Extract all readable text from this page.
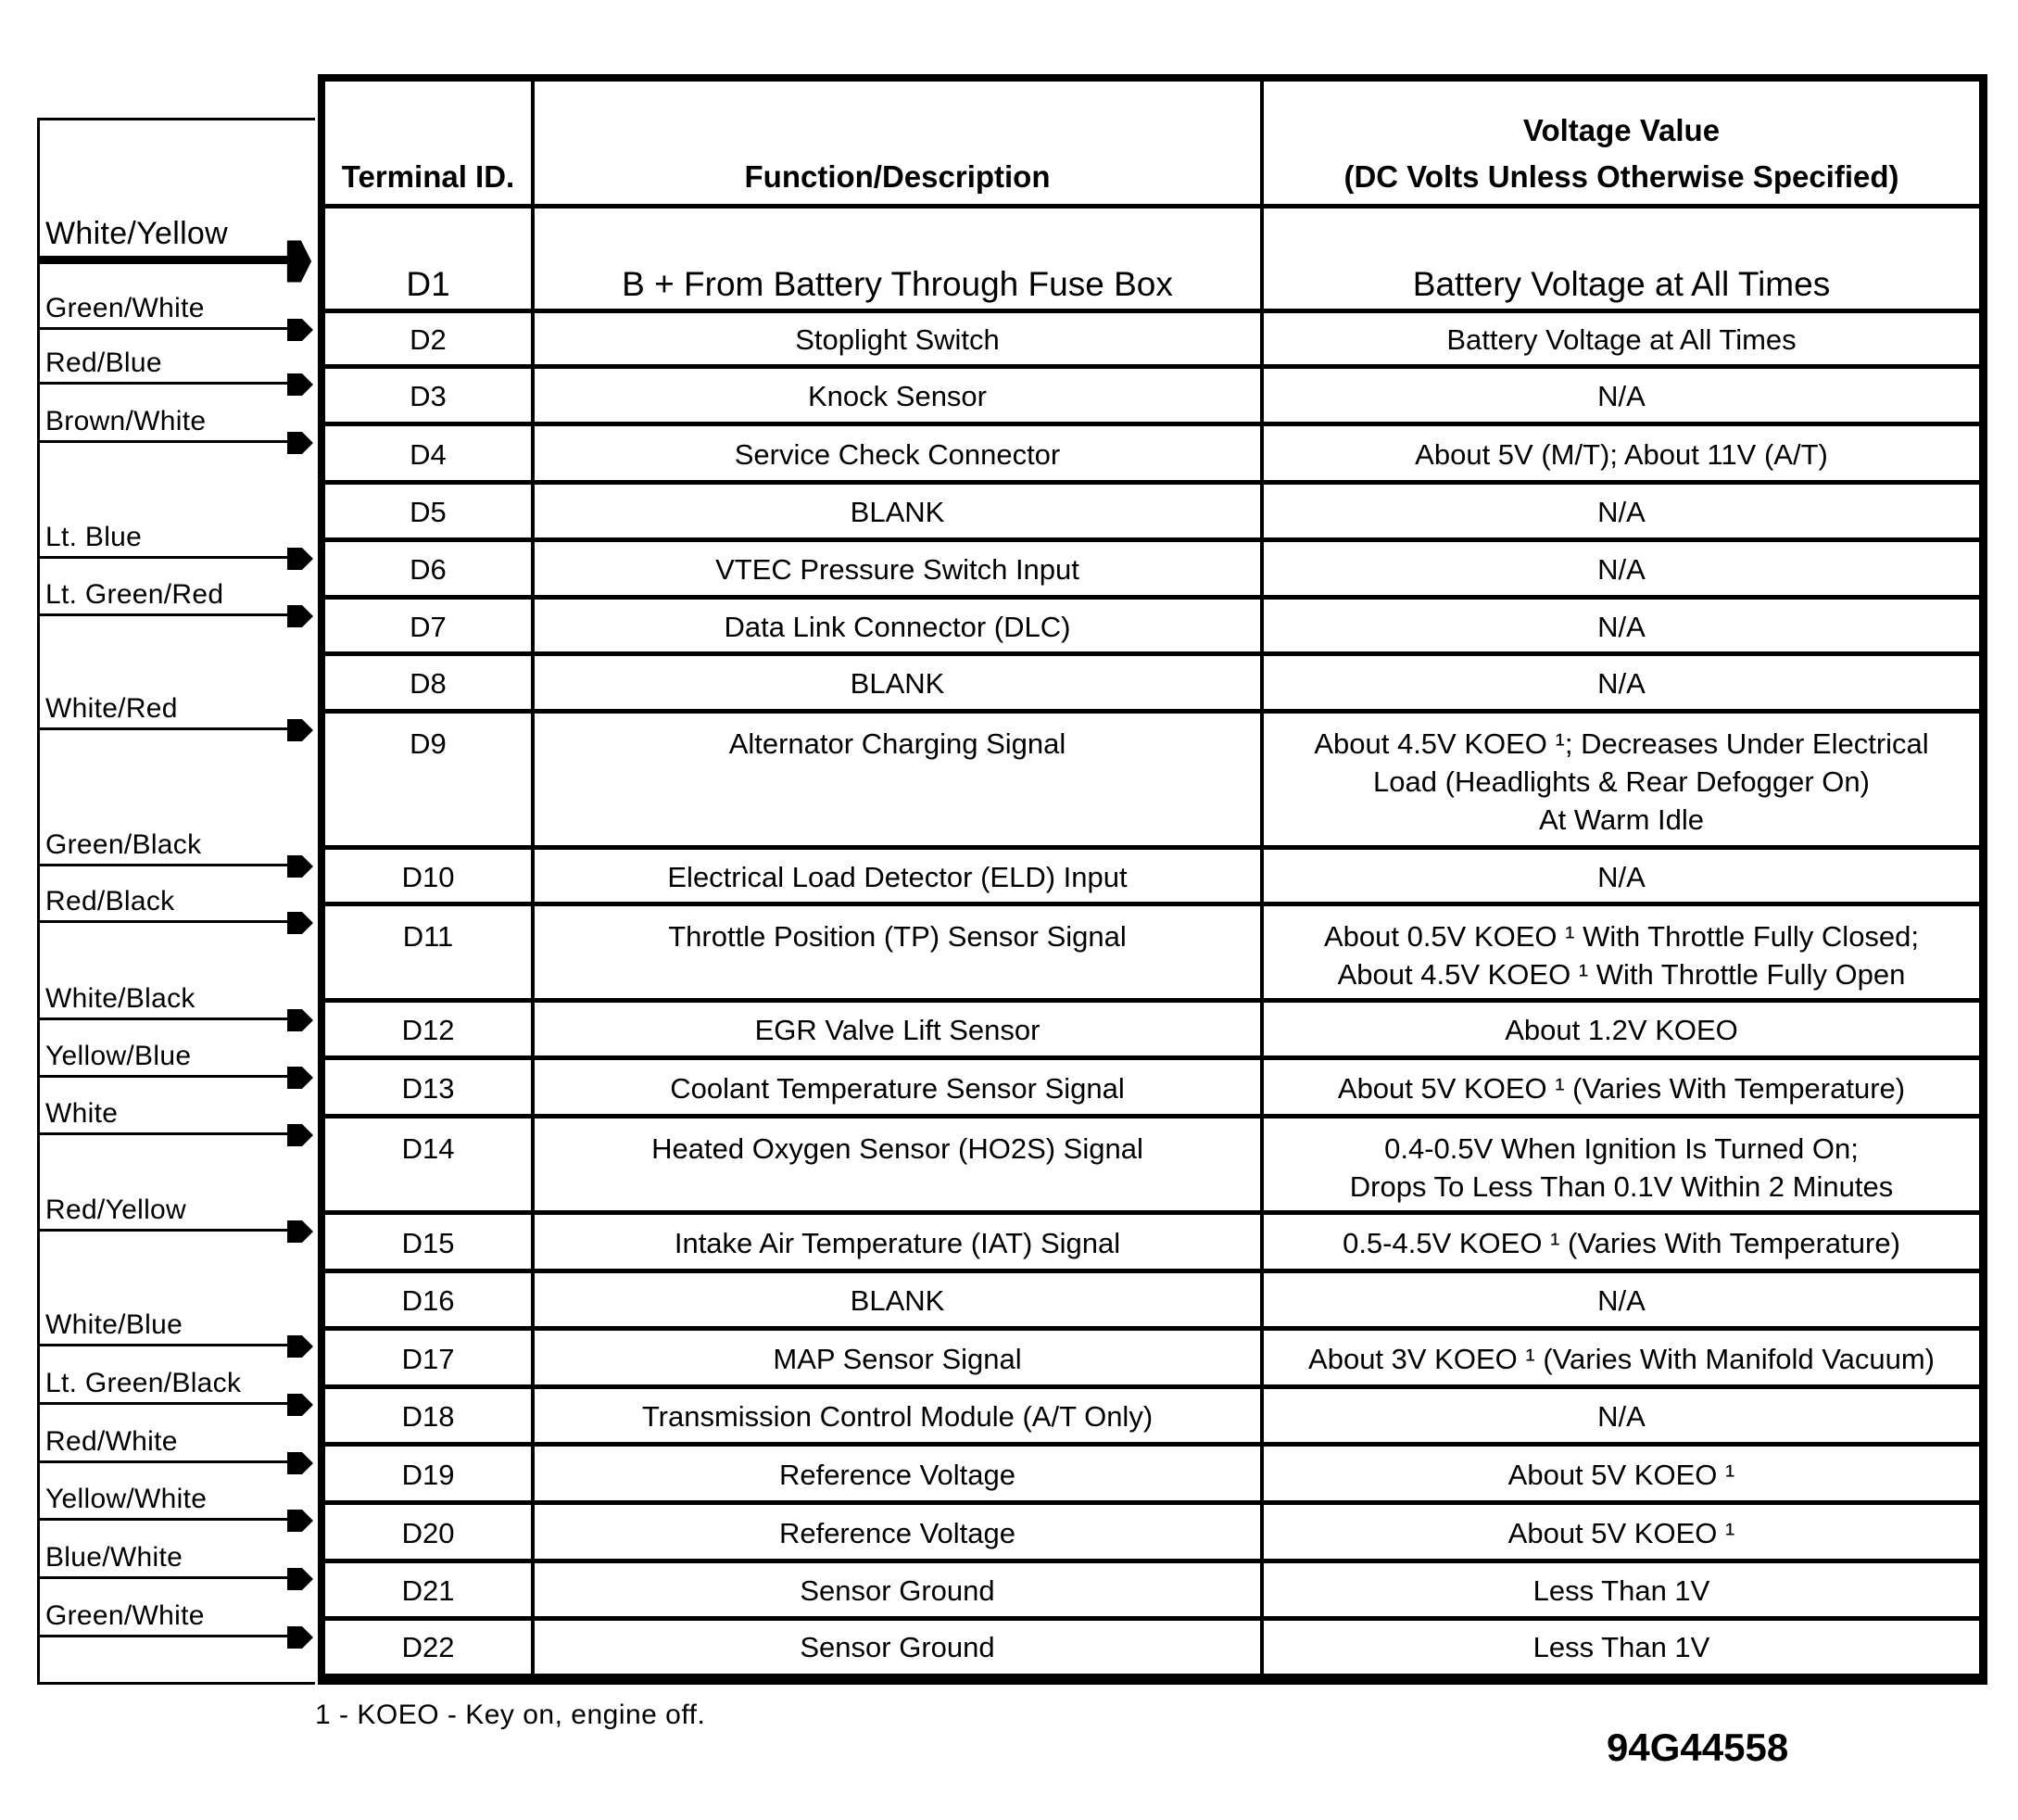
White/Yellow
Green/White
Red/Blue
Brown/White
Lt. Blue
Lt. Green/Red
White/Red
Green/Black
Red/Black
White/Black
Yellow/Blue
White
Red/Yellow
White/Blue
Lt. Green/Black
Red/White
Yellow/White
Blue/White
Green/White
Terminal ID.	Function/Description
Voltage Value
(DC Volts Unless Otherwise Specified)
D1	B + From Battery Through Fuse Box	Battery Voltage at All Times
D2	Stoplight Switch	Battery Voltage at All Times
D3	Knock Sensor	N/A
D4	Service Check Connector	About 5V (M/T); About 11V (A/T)
D5	BLANK	N/A
D6	VTEC Pressure Switch Input	N/A
D7	Data Link Connector (DLC)	N/A
D8	BLANK	N/A
D9	Alternator Charging Signal	About 4.5V KOEO ¹; Decreases Under Electrical
Load (Headlights & Rear Defogger On)
At Warm Idle
D10	Electrical Load Detector (ELD) Input	N/A
D11	Throttle Position (TP) Sensor Signal	About 0.5V KOEO ¹ With Throttle Fully Closed;
About 4.5V KOEO ¹ With Throttle Fully Open
D12	EGR Valve Lift Sensor	About 1.2V KOEO
D13	Coolant Temperature Sensor Signal	About 5V KOEO ¹ (Varies With Temperature)
D14	Heated Oxygen Sensor (HO2S) Signal	0.4-0.5V When Ignition Is Turned On;
Drops To Less Than 0.1V Within 2 Minutes
D15	Intake Air Temperature (IAT) Signal	0.5-4.5V KOEO ¹ (Varies With Temperature)
D16	BLANK	N/A
D17	MAP Sensor Signal	About 3V KOEO ¹ (Varies With Manifold Vacuum)
D18	Transmission Control Module (A/T Only)	N/A
D19	Reference Voltage	About 5V KOEO ¹
D20	Reference Voltage	About 5V KOEO ¹
D21	Sensor Ground	Less Than 1V
D22	Sensor Ground	Less Than 1V
1 - KOEO - Key on, engine off.
94G44558
